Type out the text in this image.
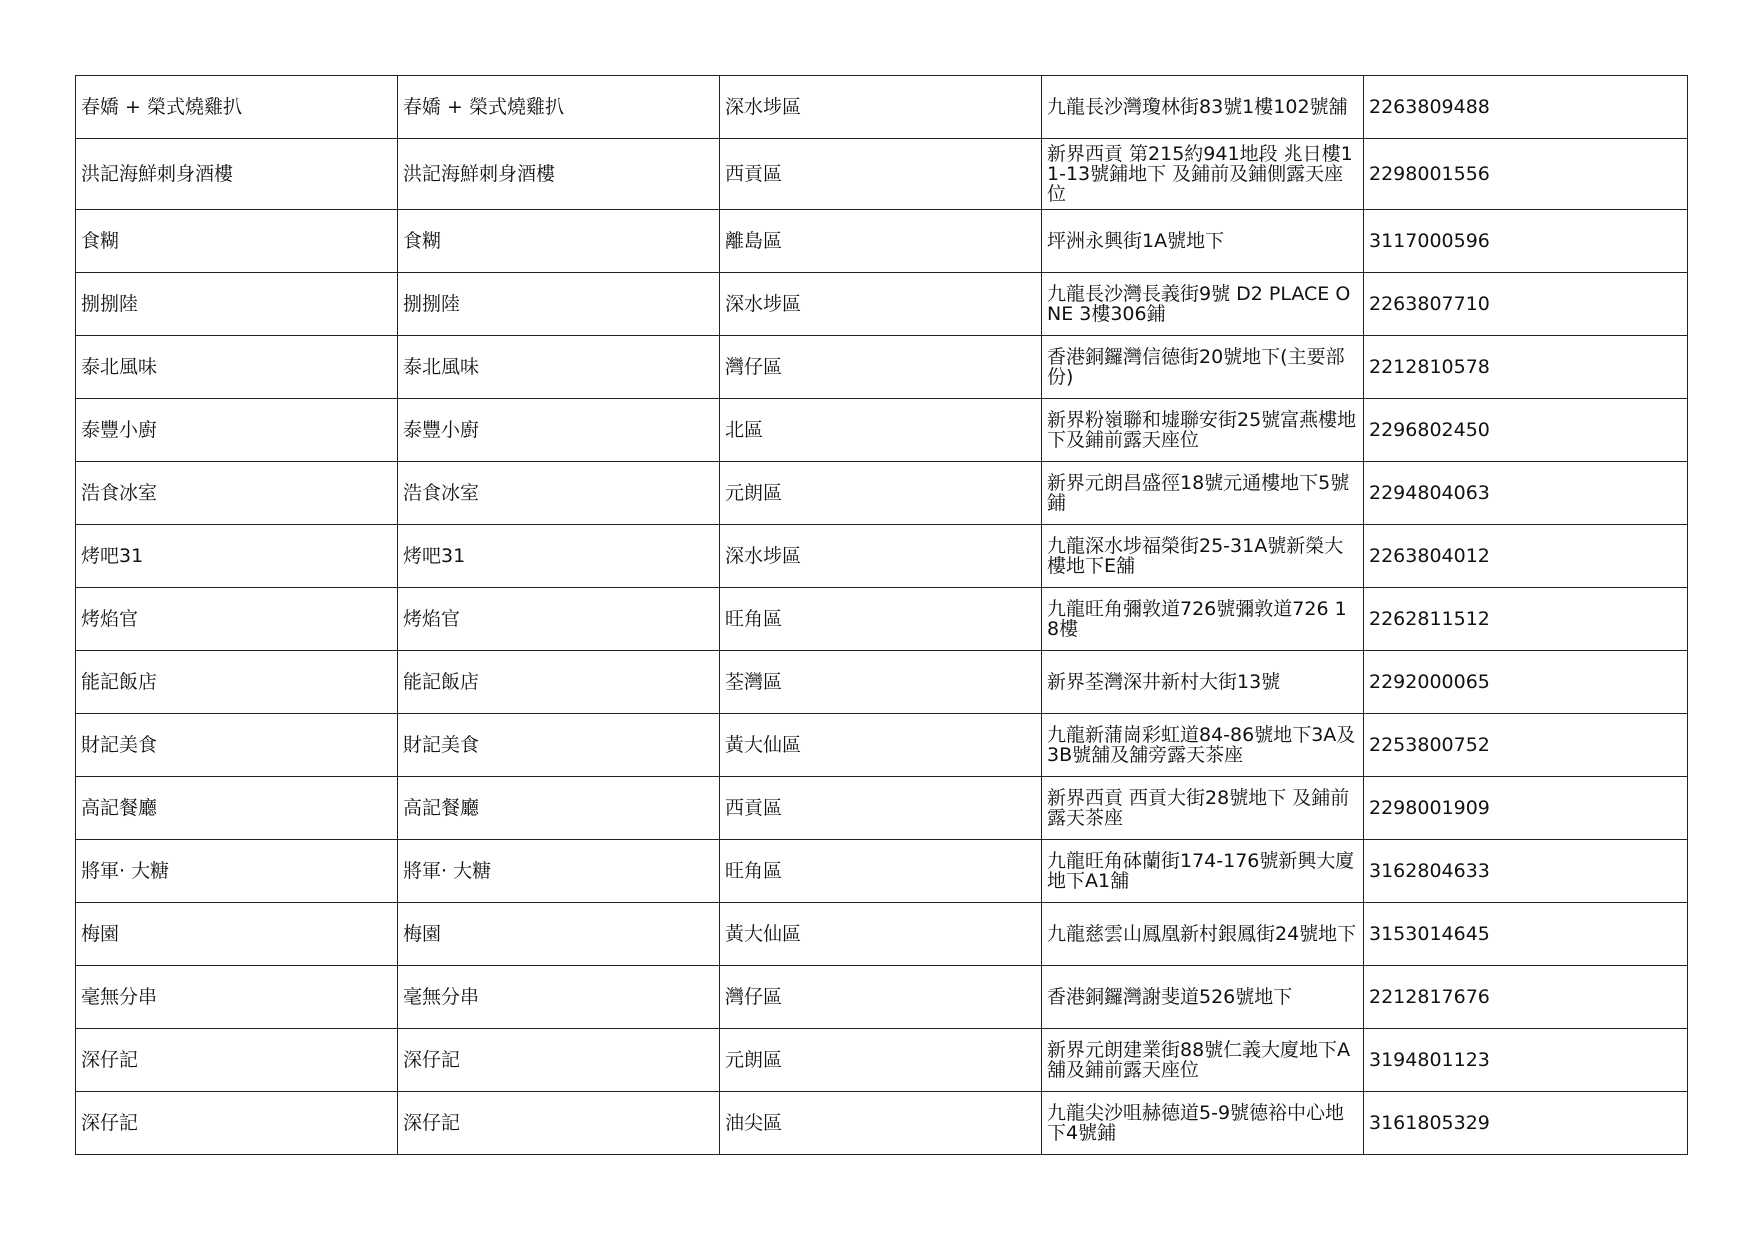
春嬌 + 榮式燒雞扒	春嬌 + 榮式燒雞扒	深水埗區	九龍長沙灣瓊林街83號1樓102號舖	2263809488
洪記海鮮刺身酒樓	洪記海鮮刺身酒樓	西貢區	新界西貢 第215約941地段 兆日樓11-13號鋪地下 及鋪前及鋪側露天座位	2298001556
食糊	食糊	離島區	坪洲永興街1A號地下	3117000596
捌捌陸	捌捌陸	深水埗區	九龍長沙灣長義街9號 D2 PLACE ONE 3樓306鋪	2263807710
泰北風味	泰北風味	灣仔區	香港銅鑼灣信德街20號地下(主要部份)	2212810578
泰豐小廚	泰豐小廚	北區	新界粉嶺聯和墟聯安街25號富燕樓地下及鋪前露天座位	2296802450
浩食冰室	浩食冰室	元朗區	新界元朗昌盛徑18號元通樓地下5號鋪	2294804063
烤吧31	烤吧31	深水埗區	九龍深水埗福榮街25-31A號新榮大樓地下E舖	2263804012
烤焰官	烤焰官	旺角區	九龍旺角彌敦道726號彌敦道726 18樓	2262811512
能記飯店	能記飯店	荃灣區	新界荃灣深井新村大街13號	2292000065
財記美食	財記美食	黃大仙區	九龍新蒲崗彩虹道84-86號地下3A及3B號舖及舖旁露天茶座	2253800752
高記餐廳	高記餐廳	西貢區	新界西貢 西貢大街28號地下 及鋪前露天茶座	2298001909
將軍· 大糖	將軍· 大糖	旺角區	九龍旺角砵蘭街174-176號新興大廈地下A1舖	3162804633
梅園	梅園	黃大仙區	九龍慈雲山鳳凰新村銀鳳街24號地下	3153014645
毫無分串	毫無分串	灣仔區	香港銅鑼灣謝斐道526號地下	2212817676
深仔記	深仔記	元朗區	新界元朗建業街88號仁義大廈地下A舖及鋪前露天座位	3194801123
深仔記	深仔記	油尖區	九龍尖沙咀赫德道5-9號德裕中心地下4號鋪	3161805329
